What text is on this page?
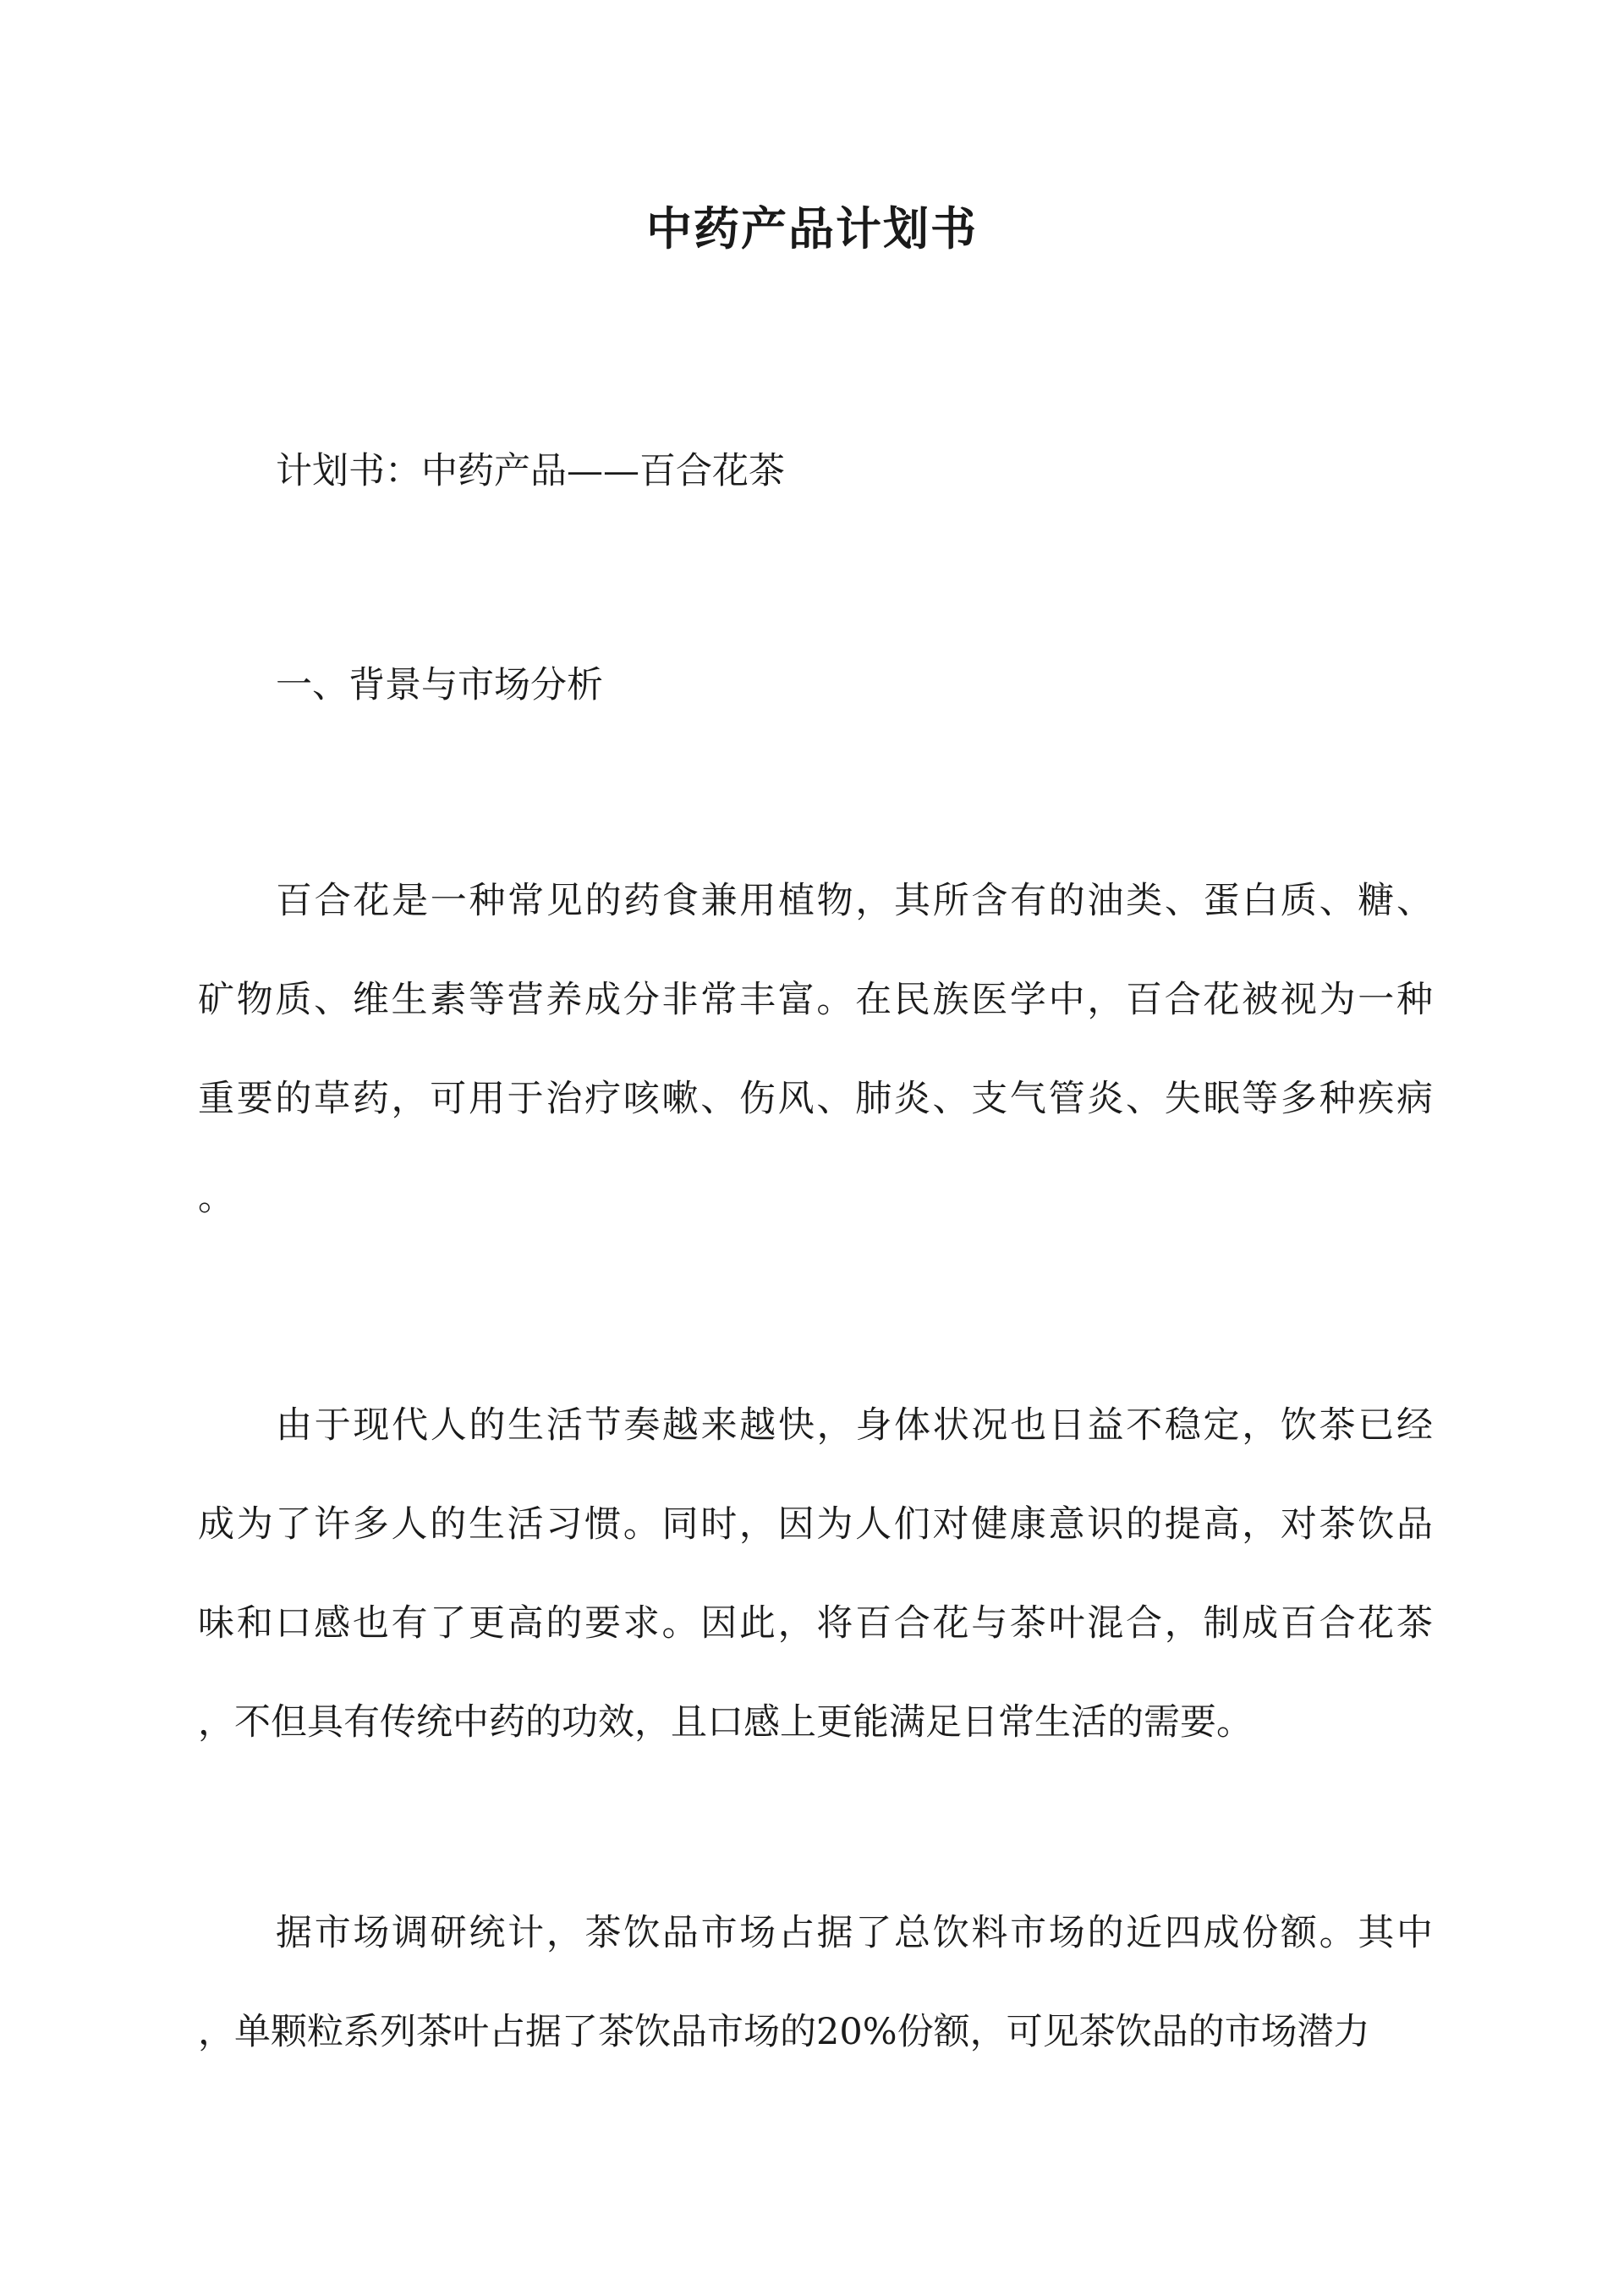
中药产品计划书

计划书：中药产品——百合花茶

一、背景与市场分析

百合花是一种常见的药食兼用植物，其所含有的油类、蛋白质、糖、
矿物质、维生素等营养成分非常丰富。在民族医学中，百合花被视为一种
重要的草药，可用于治疗咳嗽、伤风、肺炎、支气管炎、失眠等多种疾病
。
由于现代人的生活节奏越来越快，身体状况也日益不稳定，饮茶已经
成为了许多人的生活习惯。同时，因为人们对健康意识的提高，对茶饮品
味和口感也有了更高的要求。因此，将百合花与茶叶混合，制成百合花茶
，不但具有传统中药的功效，且口感上更能满足日常生活的需要。
据市场调研统计，茶饮品市场占据了总饮料市场的近四成份额。其中
，单颗粒系列茶叶占据了茶饮品市场的20%份额，可见茶饮品的市场潜力
